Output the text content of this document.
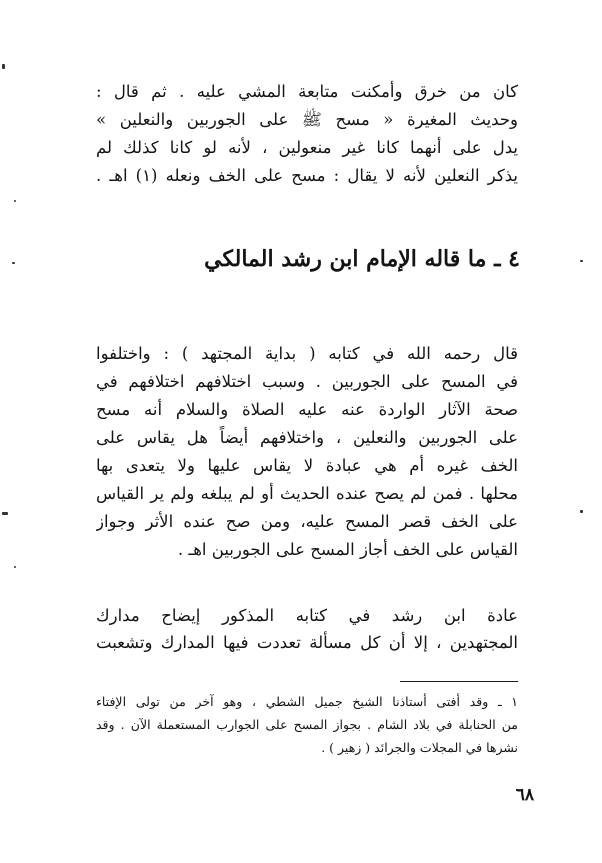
كان من خرق وأمكنت متابعة المشي عليه . ثم قال :
وحديث المغيرة « مسح ﷺ على الجوربين والنعلين »
يدل على أنهما كانا غير منعولين ، لأنه لو كانا كذلك لم
يذكر النعلين لأنه لا يقال : مسح على الخف ونعله (١) اهـ .
٤ ـ ما قاله الإمام ابن رشد المالكي
قال رحمه الله في كتابه ( بداية المجتهد ) : واختلفوا
في المسح على الجوربين . وسبب اختلافهم اختلافهم في
صحة الآثار الواردة عنه عليه الصلاة والسلام أنه مسح
على الجوربين والنعلين ، واختلافهم أيضاً هل يقاس على
الخف غيره أم هي عبادة لا يقاس عليها ولا يتعدى بها
محلها . فمن لم يصح عنده الحديث أو لم يبلغه ولم ير القياس
على الخف قصر المسح عليه، ومن صح عنده الأثر وجواز
القياس على الخف أجاز المسح على الجوربين اهـ .
عادة ابن رشد في كتابه المذكور إيضاح مدارك
المجتهدين ، إلا أن كل مسألة تعددت فيها المدارك وتشعبت
١ ـ وقد أفتى أستاذنا الشيخ جميل الشطي ، وهو آخر من تولى الإفتاء
من الحنابلة في بلاد الشام . بجواز المسح على الجوارب المستعملة الآن . وقد
نشرها في المجلات والجرائد ( زهير ) .
٦٨
